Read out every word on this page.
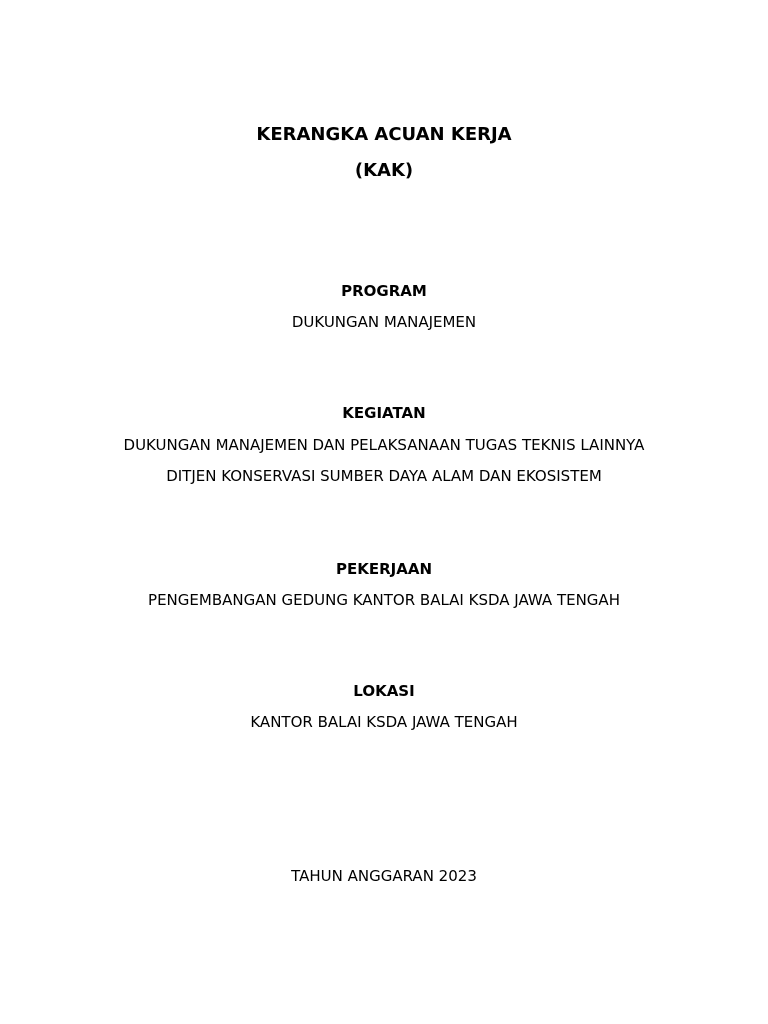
KERANGKA ACUAN KERJA
(KAK)
PROGRAM
DUKUNGAN MANAJEMEN
KEGIATAN
DUKUNGAN MANAJEMEN DAN PELAKSANAAN TUGAS TEKNIS LAINNYA
DITJEN KONSERVASI SUMBER DAYA ALAM DAN EKOSISTEM
PEKERJAAN
PENGEMBANGAN GEDUNG KANTOR BALAI KSDA JAWA TENGAH
LOKASI
KANTOR BALAI KSDA JAWA TENGAH
TAHUN ANGGARAN 2023
